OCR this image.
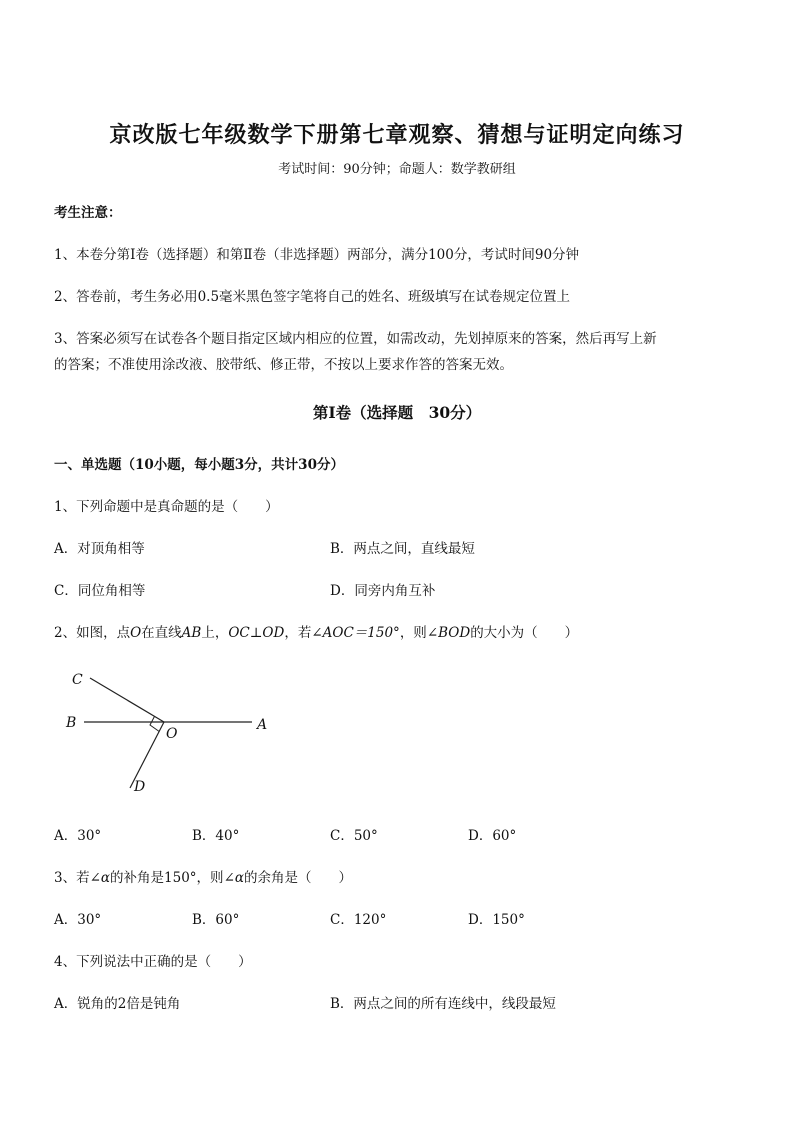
京改版七年级数学下册第七章观察、猜想与证明定向练习
考试时间：90分钟；命题人：数学教研组
考生注意：
1、本卷分第Ⅰ卷（选择题）和第Ⅱ卷（非选择题）两部分，满分100分，考试时间90分钟
2、答卷前，考生务必用0.5毫米黑色签字笔将自己的姓名、班级填写在试卷规定位置上
3、答案必须写在试卷各个题目指定区域内相应的位置，如需改动，先划掉原来的答案，然后再写上新
的答案；不准使用涂改液、胶带纸、修正带，不按以上要求作答的答案无效。
第Ⅰ卷（选择题　30分）
一、单选题（10小题，每小题3分，共计30分）
1、下列命题中是真命题的是（　　）
A．对顶角相等	B．两点之间，直线最短
C．同位角相等	D．同旁内角互补
2、如图，点O在直线AB上，OC⊥OD，若∠AOC＝150°，则∠BOD的大小为（　　）
C
B
O
A
D
A．30°	B．40°	C．50°	D．60°
3、若∠α的补角是150°，则∠α的余角是（　　）
A．30°	B．60°	C．120°	D．150°
4、下列说法中正确的是（　　）
A．锐角的2倍是钝角	B．两点之间的所有连线中，线段最短
